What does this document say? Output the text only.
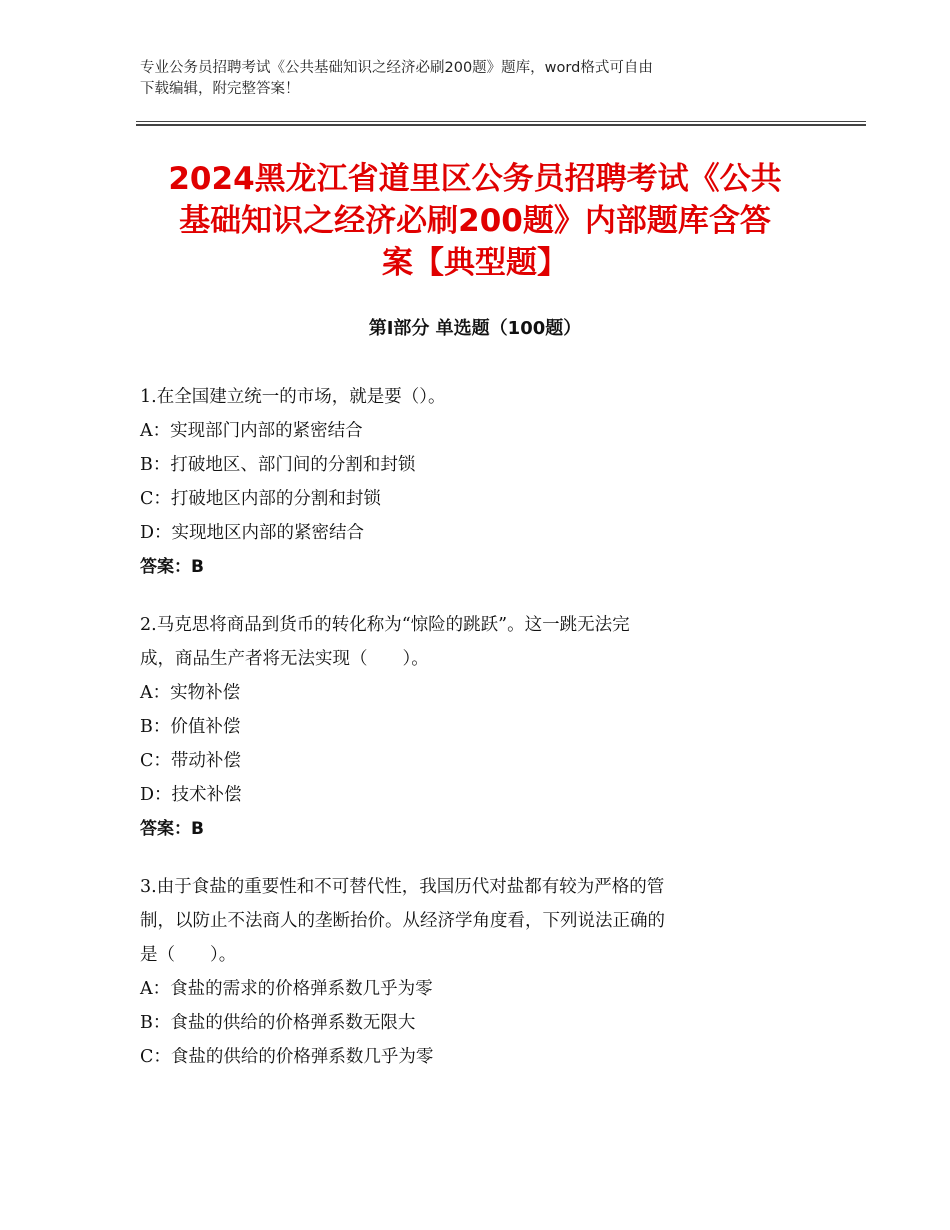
专业公务员招聘考试《公共基础知识之经济必刷200题》题库，word格式可自由
下载编辑，附完整答案！
2024黑龙江省道里区公务员招聘考试《公共
基础知识之经济必刷200题》内部题库含答
案【典型题】
第Ⅰ部分 单选题（100题）
1.在全国建立统一的市场，就是要（）。
A：实现部门内部的紧密结合
B：打破地区、部门间的分割和封锁
C：打破地区内部的分割和封锁
D：实现地区内部的紧密结合
答案：B
2.马克思将商品到货币的转化称为“惊险的跳跃”。这一跳无法完
成，商品生产者将无法实现（　　）。
A：实物补偿
B：价值补偿
C：带动补偿
D：技术补偿
答案：B
3.由于食盐的重要性和不可替代性，我国历代对盐都有较为严格的管
制，以防止不法商人的垄断抬价。从经济学角度看，下列说法正确的
是（　　）。
A：食盐的需求的价格弹系数几乎为零
B：食盐的供给的价格弹系数无限大
C：食盐的供给的价格弹系数几乎为零
